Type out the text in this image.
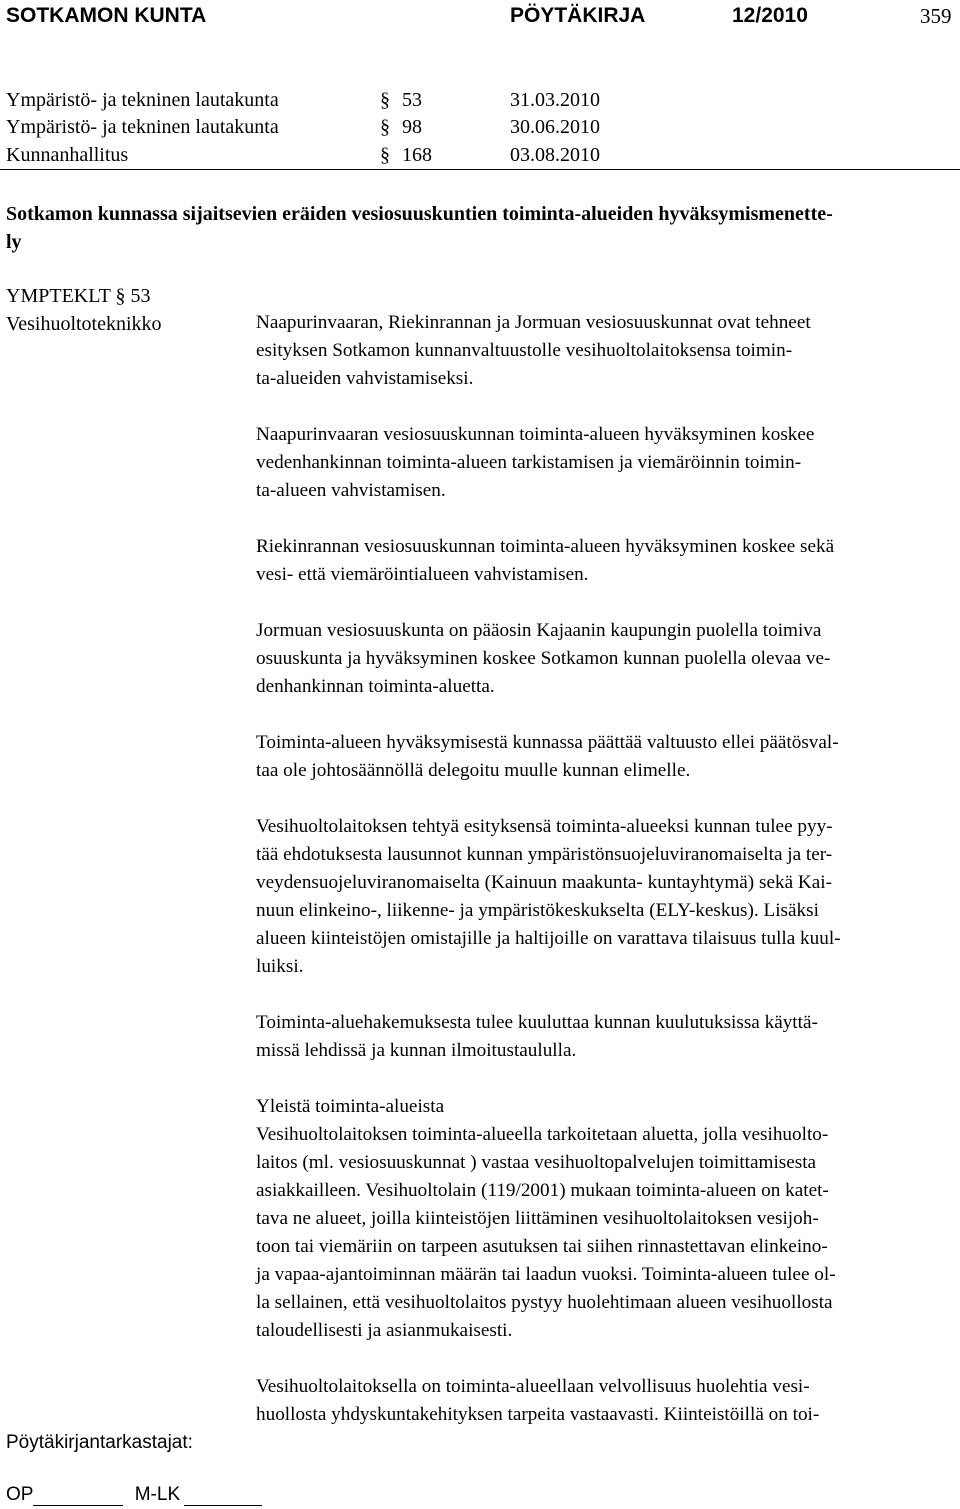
SOTKAMON KUNTA	PÖYTÄKIRJA	12/2010	359
Ympäristö- ja tekninen lautakunta	§ 53	31.03.2010
Ympäristö- ja tekninen lautakunta	§ 98	30.06.2010
Kunnanhallitus	§ 168	03.08.2010
Sotkamon kunnassa sijaitsevien eräiden vesiosuuskuntien toiminta-alueiden hyväksymismenette-
ly
YMPTEKLT § 53
Vesihuoltoteknikko	Naapurinvaaran, Riekinrannan ja Jormuan vesiosuuskunnat ovat tehneet
esityksen Sotkamon kunnanvaltuustolle vesihuoltolaitoksensa toimin-
ta-alueiden vahvistamiseksi.

Naapurinvaaran vesiosuuskunnan toiminta-alueen hyväksyminen koskee
vedenhankinnan toiminta-alueen tarkistamisen ja viemäröinnin toimin-
ta-alueen vahvistamisen.

Riekinrannan vesiosuuskunnan toiminta-alueen hyväksyminen koskee sekä
vesi- että viemäröintialueen vahvistamisen.

Jormuan vesiosuuskunta on pääosin Kajaanin kaupungin puolella toimiva
osuuskunta ja hyväksyminen koskee Sotkamon kunnan puolella olevaa ve-
denhankinnan toiminta-aluetta.

Toiminta-alueen hyväksymisestä kunnassa päättää valtuusto ellei päätösval-
taa ole johtosäännöllä delegoitu muulle kunnan elimelle.

Vesihuoltolaitoksen tehtyä esityksensä toiminta-alueeksi kunnan tulee pyy-
tää ehdotuksesta lausunnot kunnan ympäristönsuojeluviranomaiselta ja ter-
veydensuojeluviranomaiselta (Kainuun maakunta- kuntayhtymä) sekä Kai-
nuun elinkeino-, liikenne- ja ympäristökeskukselta (ELY-keskus). Lisäksi
alueen kiinteistöjen omistajille ja haltijoille on varattava tilaisuus tulla kuul-
luiksi.

Toiminta-aluehakemuksesta tulee kuuluttaa kunnan kuulutuksissa käyttä-
missä lehdissä ja kunnan ilmoitustaululla.

Yleistä toiminta-alueista
Vesihuoltolaitoksen toiminta-alueella tarkoitetaan aluetta, jolla vesihuolto-
laitos (ml. vesiosuuskunnat ) vastaa vesihuoltopalvelujen toimittamisesta
asiakkailleen. Vesihuoltolain (119/2001) mukaan toiminta-alueen on katet-
tava ne alueet, joilla kiinteistöjen liittäminen vesihuoltolaitoksen vesijoh-
toon tai viemäriin on tarpeen asutuksen tai siihen rinnastettavan elinkeino-
ja vapaa-ajantoiminnan määrän tai laadun vuoksi. Toiminta-alueen tulee ol-
la sellainen, että vesihuoltolaitos pystyy huolehtimaan alueen vesihuollosta
taloudellisesti ja asianmukaisesti.

Vesihuoltolaitoksella on toiminta-alueellaan velvollisuus huolehtia vesi-
huollosta yhdyskuntakehityksen tarpeita vastaavasti. Kiinteistöillä on toi-

Pöytäkirjantarkastajat:
OP	M-LK
